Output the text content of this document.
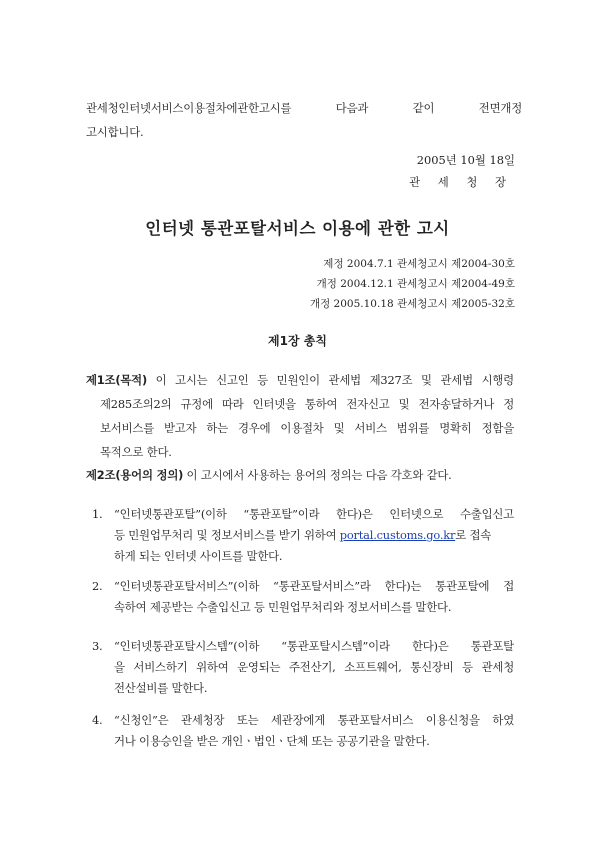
관세청인터넷서비스이용절차에관한고시를 다음과 같이 전면개정
고시합니다.
2005년 10월 18일
관 세 청 장
인터넷 통관포탈서비스 이용에 관한 고시
제정 2004.7.1 관세청고시 제2004-30호
개정 2004.12.1 관세청고시 제2004-49호
개정 2005.10.18 관세청고시 제2005-32호
제1장 총칙
제1조(목적) 이 고시는 신고인 등 민원인이 관세법 제327조 및 관세법 시행령
제285조의2의 규정에 따라 인터넷을 통하여 전자신고 및 전자송달하거나 정
보서비스를 받고자 하는 경우에 이용절차 및 서비스 범위를 명확히 정함을
목적으로 한다.
제2조(용어의 정의) 이 고시에서 사용하는 용어의 정의는 다음 각호와 같다.
1. “인터넷통관포탈”(이하 “통관포탈”이라 한다)은 인터넷으로 수출입신고
등 민원업무처리 및 정보서비스를 받기 위하여 portal.customs.go.kr로 접속
하게 되는 인터넷 사이트를 말한다.
2. “인터넷통관포탈서비스”(이하 “통관포탈서비스”라 한다)는 통관포탈에 접
속하여 제공받는 수출입신고 등 민원업무처리와 정보서비스를 말한다.
3. “인터넷통관포탈시스템”(이하 “통관포탈시스템”이라 한다)은 통관포탈
을 서비스하기 위하여 운영되는 주전산기, 소프트웨어, 통신장비 등 관세청
전산설비를 말한다.
4. “신청인”은 관세청장 또는 세관장에게 통관포탈서비스 이용신청을 하였
거나 이용승인을 받은 개인ㆍ법인ㆍ단체 또는 공공기관을 말한다.
